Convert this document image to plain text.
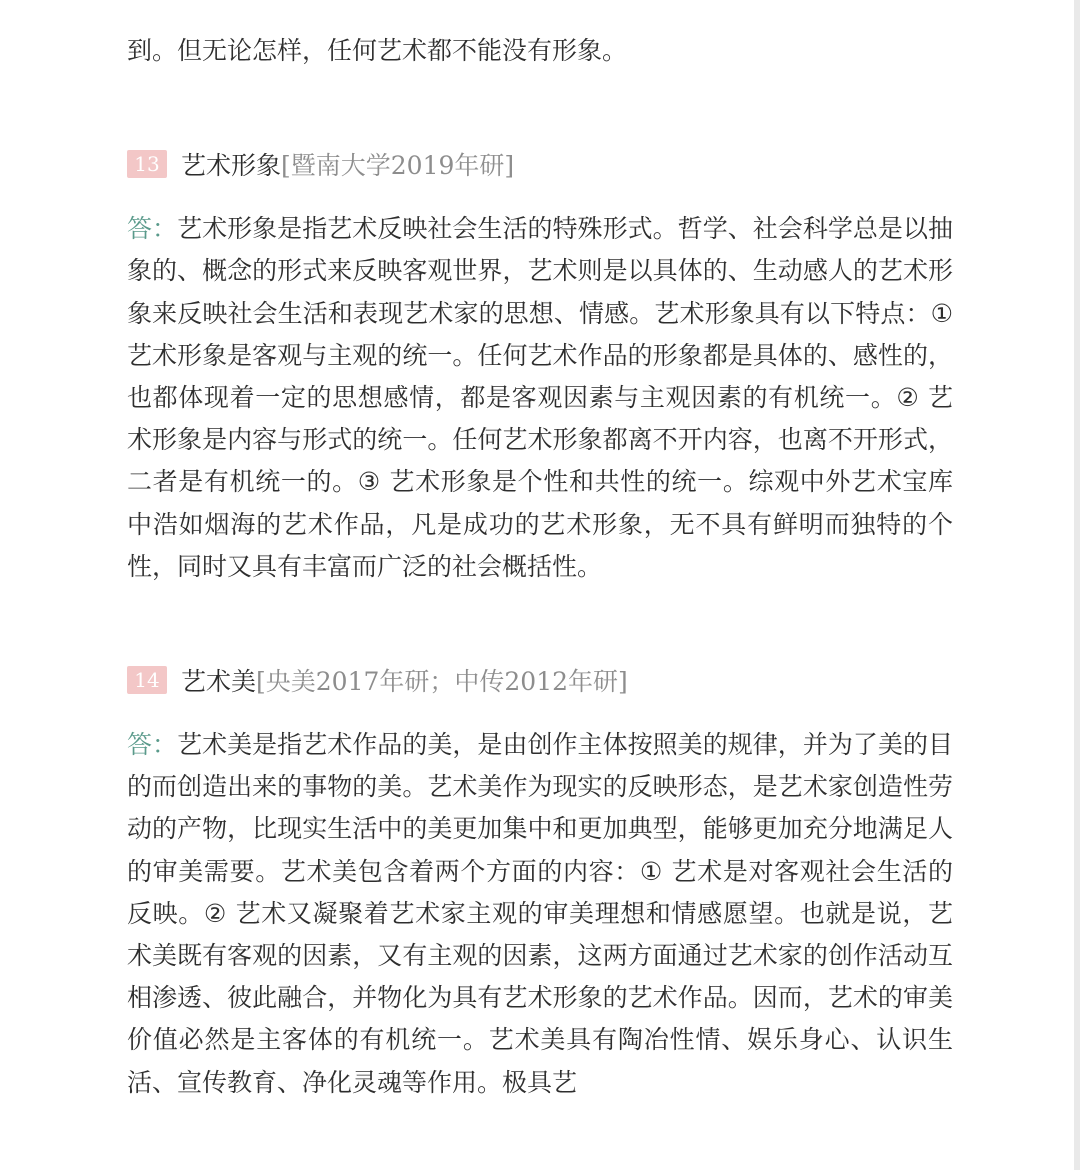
到。但无论怎样，任何艺术都不能没有形象。

13 艺术形象 [暨南大学2019年研]

答：艺术形象是指艺术反映社会生活的特殊形式。哲学、社会科学总是以抽象的、概念的形式来反映客观世界，艺术则是以具体的、生动感人的艺术形象来反映社会生活和表现艺术家的思想、情感。艺术形象具有以下特点：① 艺术形象是客观与主观的统一。任何艺术作品的形象都是具体的、感性的，也都体现着一定的思想感情，都是客观因素与主观因素的有机统一。② 艺术形象是内容与形式的统一。任何艺术形象都离不开内容，也离不开形式，二者是有机统一的。③ 艺术形象是个性和共性的统一。综观中外艺术宝库中浩如烟海的艺术作品，凡是成功的艺术形象，无不具有鲜明而独特的个性，同时又具有丰富而广泛的社会概括性。

14 艺术美 [央美2017年研；中传2012年研]

答：艺术美是指艺术作品的美，是由创作主体按照美的规律，并为了美的目的而创造出来的事物的美。艺术美作为现实的反映形态，是艺术家创造性劳动的产物，比现实生活中的美更加集中和更加典型，能够更加充分地满足人的审美需要。艺术美包含着两个方面的内容：① 艺术是对客观社会生活的反映。② 艺术又凝聚着艺术家主观的审美理想和情感愿望。也就是说，艺术美既有客观的因素，又有主观的因素，这两方面通过艺术家的创作活动互相渗透、彼此融合，并物化为具有艺术形象的艺术作品。因而，艺术的审美价值必然是主客体的有机统一。艺术美具有陶冶性情、娱乐身心、认识生活、宣传教育、净化灵魂等作用。极具艺
